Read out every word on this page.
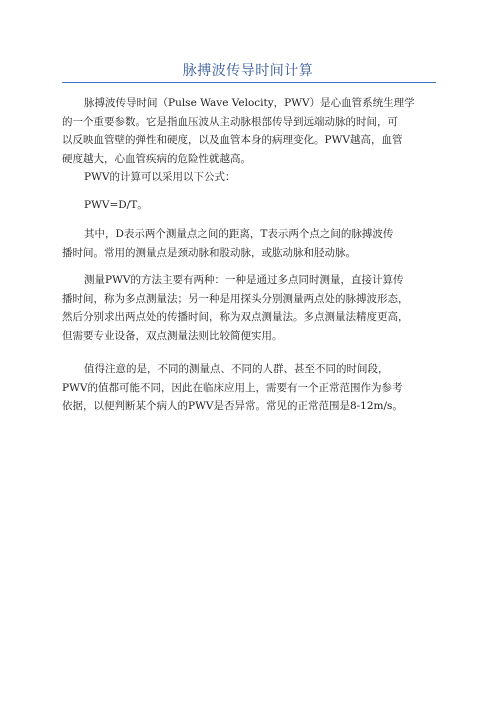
脉搏波传导时间计算

脉搏波传导时间（Pulse Wave Velocity，PWV）是心血管系统生理学
的一个重要参数。它是指血压波从主动脉根部传导到远端动脉的时间，可
以反映血管壁的弹性和硬度，以及血管本身的病理变化。PWV越高，血管
硬度越大，心血管疾病的危险性就越高。

PWV的计算可以采用以下公式：

PWV=D/T。

其中，D表示两个测量点之间的距离，T表示两个点之间的脉搏波传
播时间。常用的测量点是颈动脉和股动脉，或肱动脉和胫动脉。

测量PWV的方法主要有两种：一种是通过多点同时测量，直接计算传
播时间，称为多点测量法；另一种是用探头分别测量两点处的脉搏波形态，
然后分别求出两点处的传播时间，称为双点测量法。多点测量法精度更高，
但需要专业设备，双点测量法则比较简便实用。

值得注意的是，不同的测量点、不同的人群、甚至不同的时间段，
PWV的值都可能不同，因此在临床应用上，需要有一个正常范围作为参考
依据，以便判断某个病人的PWV是否异常。常见的正常范围是8-12m/s。
